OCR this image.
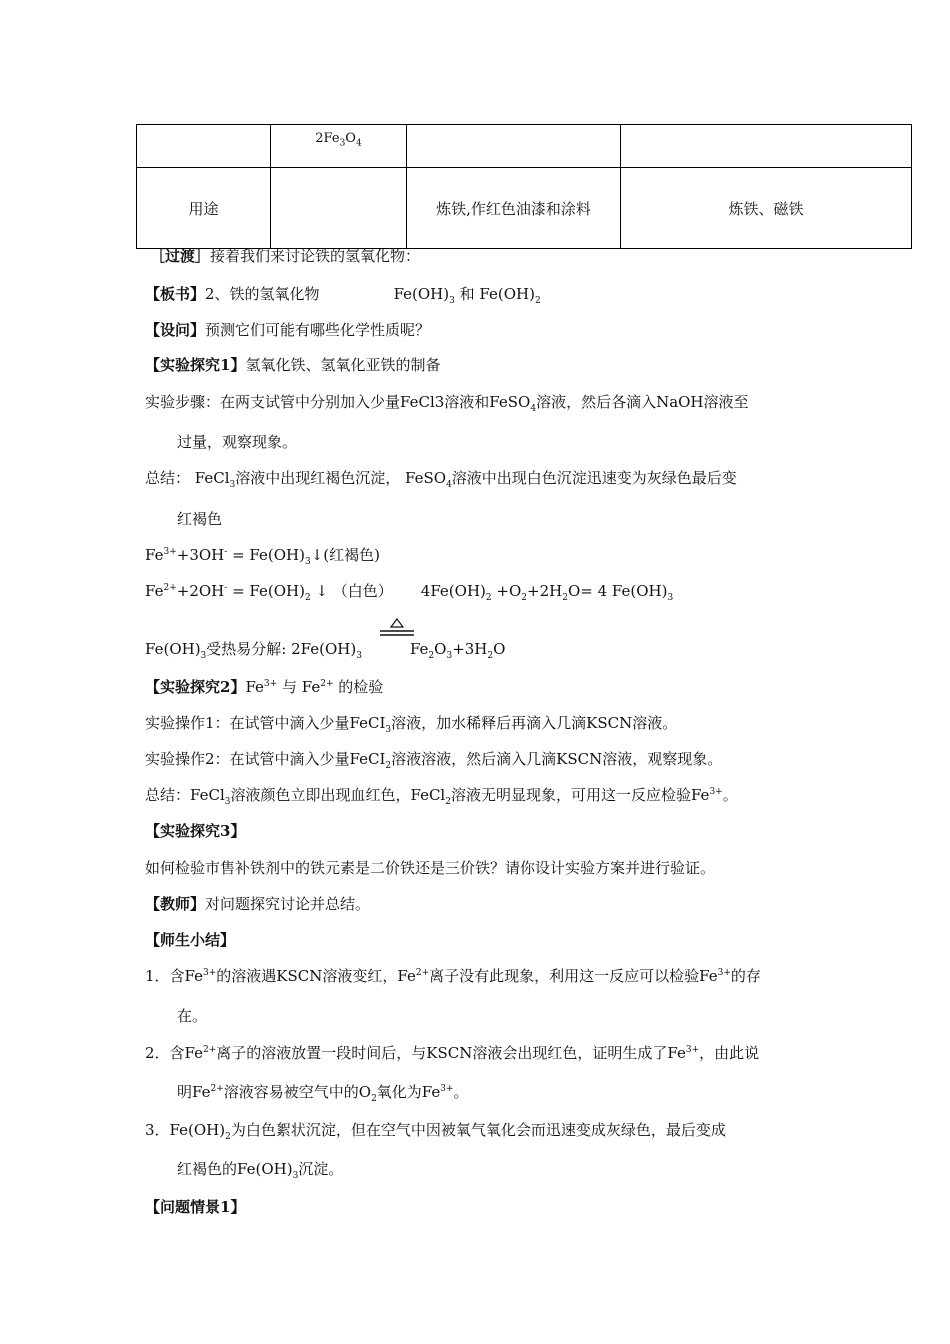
	$2Fe_3O_4$		
用途		炼铁,作红色油漆和涂料	炼铁、磁铁
［过渡］接着我们来讨论铁的氢氧化物：
【板书】2、铁的氢氧化物	$Fe(OH)_3$ 和 $Fe(OH)_2$
【设问】预测它们可能有哪些化学性质呢？
【实验探究1】氢氧化铁、氢氧化亚铁的制备
实验步骤：在两支试管中分别加入少量FeCl3溶液和FeSO$_4$溶液，然后各滴入NaOH溶液至
过量，观察现象。
总结： FeCl$_3$溶液中出现红褐色沉淀， FeSO$_4$溶液中出现白色沉淀迅速变为灰绿色最后变
红褐色
$Fe^{3+}+3OH^-$ = $Fe(OH)_3↓$(红褐色)
$Fe^{2+}+2OH^- = Fe(OH)_2$ ↓ （白色） $4Fe(OH)_2 +O_2+2H_2O= 4$ $Fe(OH)_3$
$Fe(OH)_3$受热易分解: $2Fe(OH)_3$	$Fe_2O_3+3H_2O$
【实验探究2】$Fe^{3+}$ 与 $Fe^{2+}$ 的检验
实验操作1：在试管中滴入少量FeCI$_3$溶液，加水稀释后再滴入几滴KSCN溶液。
实验操作2：在试管中滴入少量FeCI$_2$溶液溶液，然后滴入几滴KSCN溶液，观察现象。
总结：FeCl$_3$溶液颜色立即出现血红色，FeCl$_2$溶液无明显现象，可用这一反应检验$Fe^{3+}$。
【实验探究3】
如何检验市售补铁剂中的铁元素是二价铁还是三价铁？请你设计实验方案并进行验证。
【教师】对问题探究讨论并总结。
【师生小结】
1．含$Fe^{3+}$的溶液遇KSCN溶液变红，$Fe^{2+}$离子没有此现象，利用这一反应可以检验$Fe^{3+}$的存
在。
2．含$Fe^{2+}$离子的溶液放置一段时间后，与KSCN溶液会出现红色，证明生成了$Fe^{3+}$，由此说
明$Fe^{2+}$溶液容易被空气中的$O_2$氧化为$Fe^{3+}$。
3．$Fe(OH)_2$为白色絮状沉淀，但在空气中因被氧气氧化会而迅速变成灰绿色，最后变成
红褐色的$Fe(OH)_3$沉淀。
【问题情景1】
